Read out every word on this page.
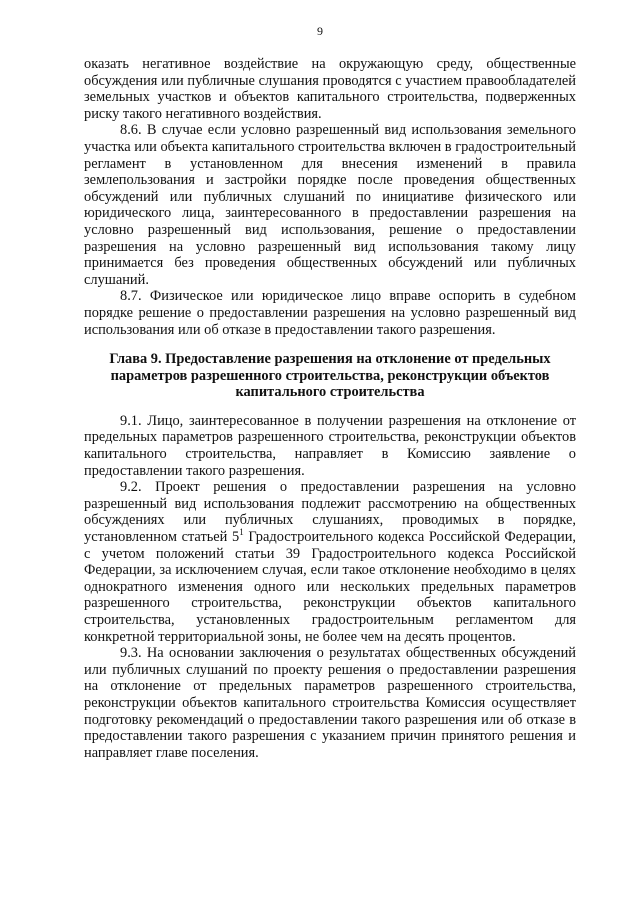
9

оказать негативное воздействие на окружающую среду, общественные обсуждения или публичные слушания проводятся с участием правообладателей земельных участков и объектов капитального строительства, подверженных риску такого негативного воздействия.

8.6. В случае если условно разрешенный вид использования земельного участка или объекта капитального строительства включен в градостроительный регламент в установленном для внесения изменений в правила землепользования и застройки порядке после проведения общественных обсуждений или публичных слушаний по инициативе физического или юридического лица, заинтересованного в предоставлении разрешения на условно разрешенный вид использования, решение о предоставлении разрешения на условно разрешенный вид использования такому лицу принимается без проведения общественных обсуждений или публичных слушаний.

8.7. Физическое или юридическое лицо вправе оспорить в судебном порядке решение о предоставлении разрешения на условно разрешенный вид использования или об отказе в предоставлении такого разрешения.

Глава 9. Предоставление разрешения на отклонение от предельных параметров разрешенного строительства, реконструкции объектов капитального строительства

9.1. Лицо, заинтересованное в получении разрешения на отклонение от предельных параметров разрешенного строительства, реконструкции объектов капитального строительства, направляет в Комиссию заявление о предоставлении такого разрешения.

9.2. Проект решения о предоставлении разрешения на условно разрешенный вид использования подлежит рассмотрению на общественных обсуждениях или публичных слушаниях, проводимых в порядке, установленном статьей $5^1$ Градостроительного кодекса Российской Федерации, с учетом положений статьи 39 Градостроительного кодекса Российской Федерации, за исключением случая, если такое отклонение необходимо в целях однократного изменения одного или нескольких предельных параметров разрешенного строительства, реконструкции объектов капитального строительства, установленных градостроительным регламентом для конкретной территориальной зоны, не более чем на десять процентов.

9.3. На основании заключения о результатах общественных обсуждений или публичных слушаний по проекту решения о предоставлении разрешения на отклонение от предельных параметров разрешенного строительства, реконструкции объектов капитального строительства Комиссия осуществляет подготовку рекомендаций о предоставлении такого разрешения или об отказе в предоставлении такого разрешения с указанием причин принятого решения и направляет главе поселения.
